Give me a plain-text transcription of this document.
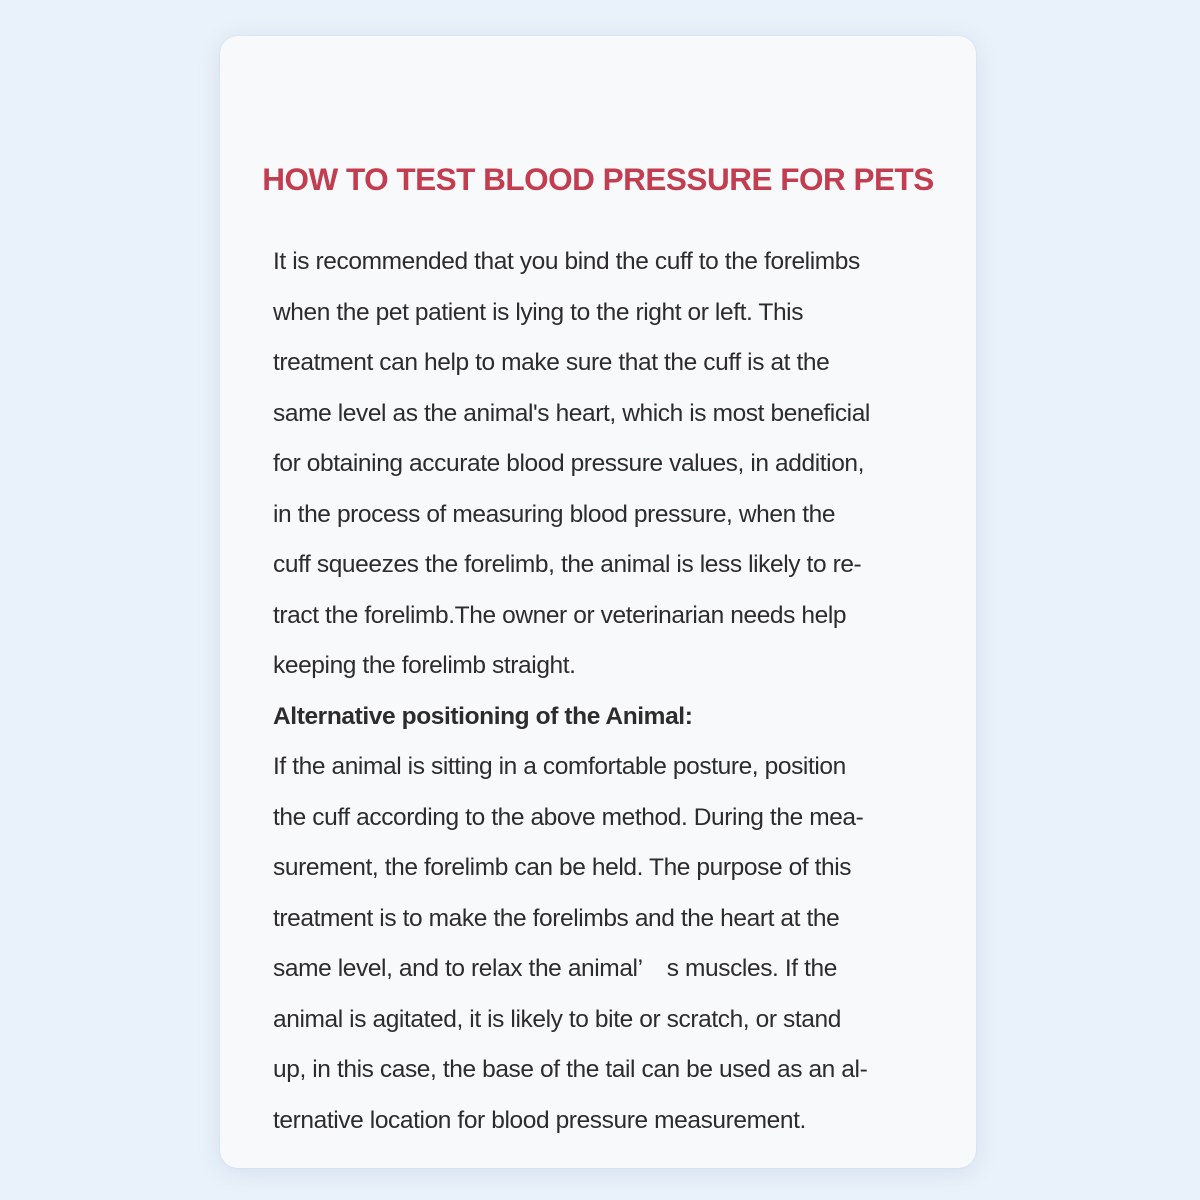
HOW TO TEST BLOOD PRESSURE FOR PETS
It is recommended that you bind the cuff to the forelimbs
when the pet patient is lying to the right or left. This
treatment can help to make sure that the cuff is at the
same level as the animal's heart, which is most beneficial
for obtaining accurate blood pressure values, in addition,
in the process of measuring blood pressure, when the
cuff squeezes the forelimb, the animal is less likely to re-
tract the forelimb.The owner or veterinarian needs help
keeping the forelimb straight.
Alternative positioning of the Animal:
If the animal is sitting in a comfortable posture, position
the cuff according to the above method. During the mea-
surement, the forelimb can be held. The purpose of this
treatment is to make the forelimbs and the heart at the
same level, and to relax the animal’ s muscles. If the
animal is agitated, it is likely to bite or scratch, or stand
up, in this case, the base of the tail can be used as an al-
ternative location for blood pressure measurement.
